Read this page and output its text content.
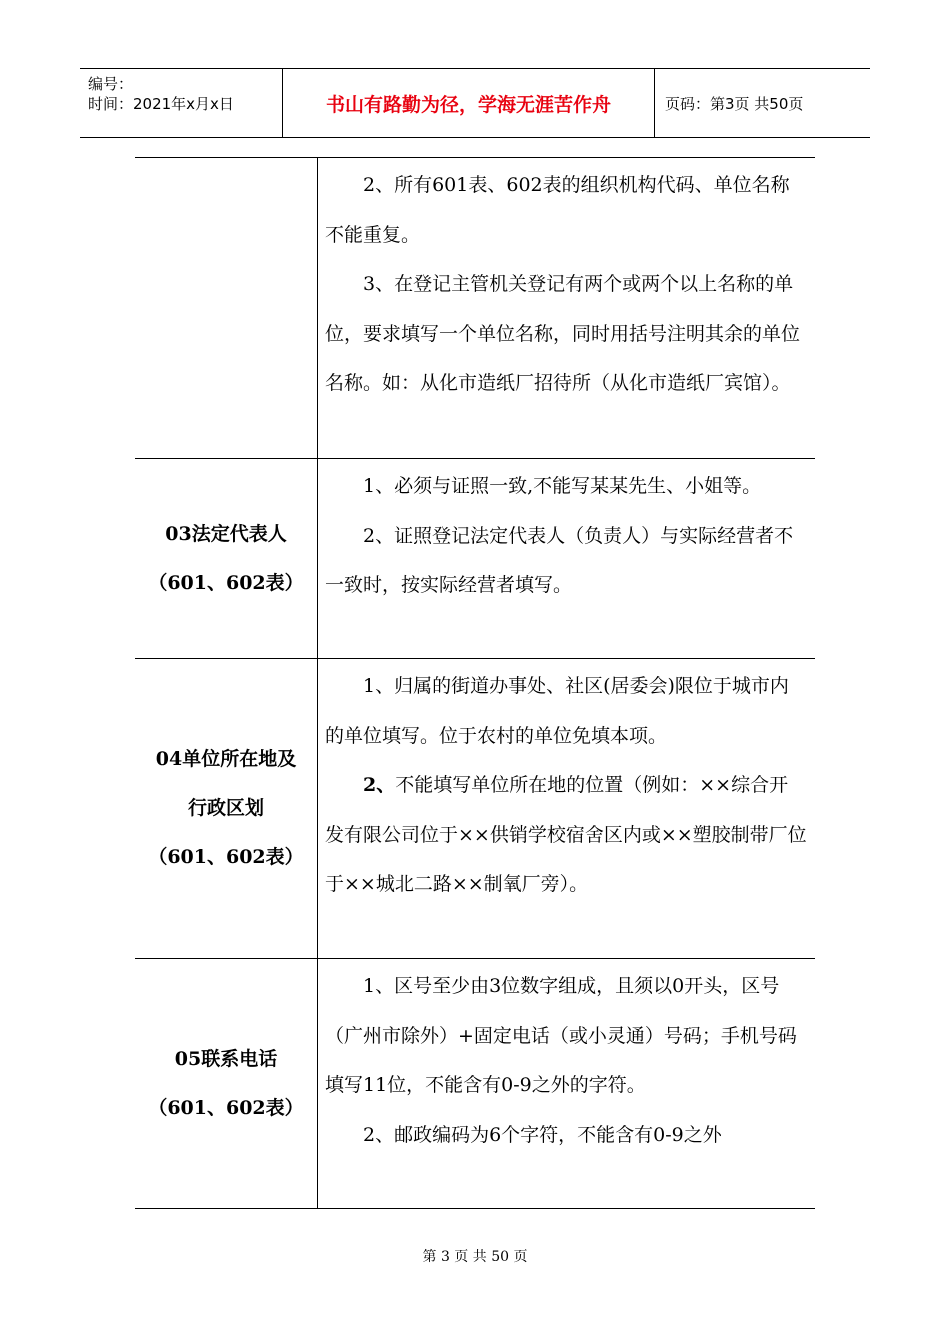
编号：
时间：2021年x月x日	书山有路勤为径，学海无涯苦作舟	页码：第3页 共50页

2、所有601表、602表的组织机构代码、单位名称不能重复。

3、在登记主管机关登记有两个或两个以上名称的单位，要求填写一个单位名称，同时用括号注明其余的单位名称。如：从化市造纸厂招待所（从化市造纸厂宾馆）。

03法定代表人
（601、602表）

1、必须与证照一致,不能写某某先生、小姐等。

2、证照登记法定代表人（负责人）与实际经营者不一致时，按实际经营者填写。

04单位所在地及
行政区划
（601、602表）

1、归属的街道办事处、社区(居委会)限位于城市内的单位填写。位于农村的单位免填本项。

2、不能填写单位所在地的位置（例如：××综合开发有限公司位于××供销学校宿舍区内或××塑胶制带厂位于××城北二路××制氧厂旁）。

05联系电话
（601、602表）

1、区号至少由3位数字组成，且须以0开头，区号（广州市除外）+固定电话（或小灵通）号码；手机号码填写11位，不能含有0-9之外的字符。

2、邮政编码为6个字符，不能含有0-9之外

第 3 页 共 50 页
